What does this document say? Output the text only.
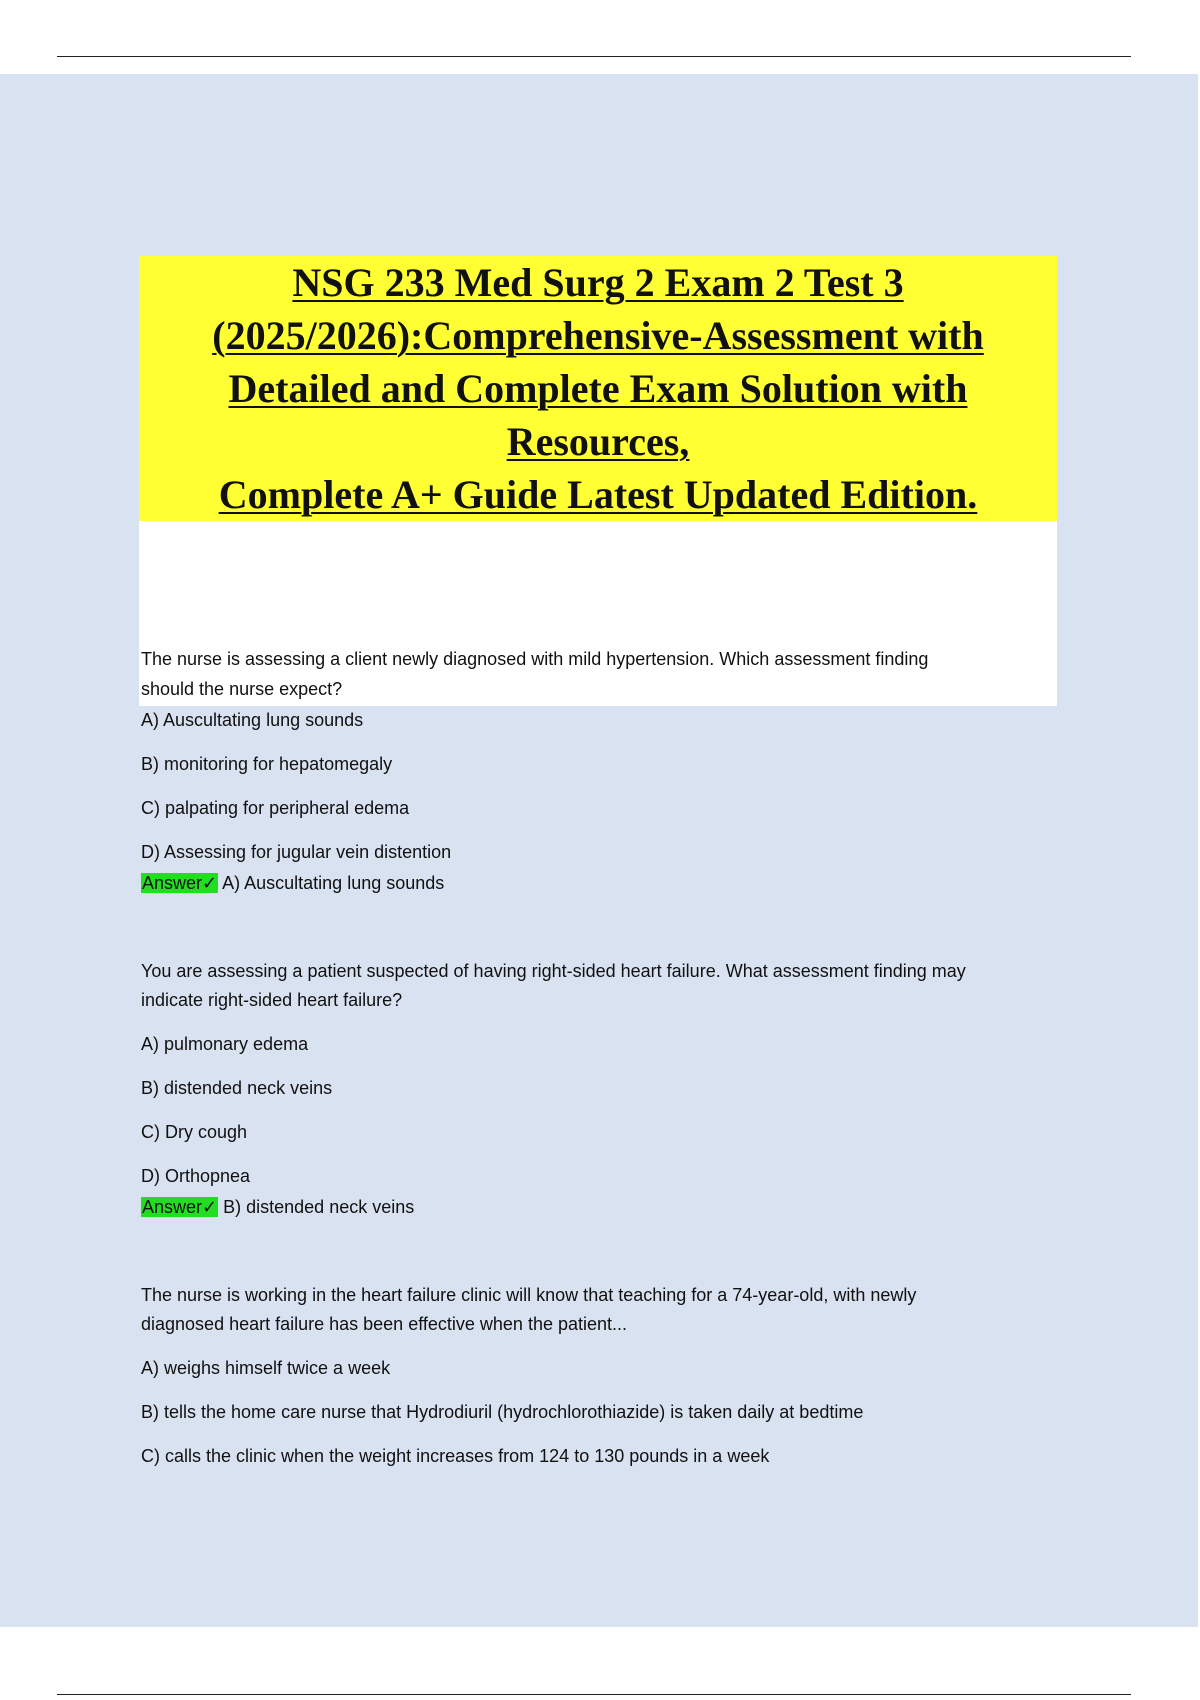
NSG 233 Med Surg 2 Exam 2 Test 3
(2025/2026):Comprehensive-Assessment with
Detailed and Complete Exam Solution with
Resources,
Complete A+ Guide Latest Updated Edition.
The nurse is assessing a client newly diagnosed with mild hypertension. Which assessment finding
should the nurse expect?
A) Auscultating lung sounds
B) monitoring for hepatomegaly
C) palpating for peripheral edema
D) Assessing for jugular vein distention
Answer✓ A) Auscultating lung sounds
You are assessing a patient suspected of having right-sided heart failure. What assessment finding may
indicate right-sided heart failure?
A) pulmonary edema
B) distended neck veins
C) Dry cough
D) Orthopnea
Answer✓ B) distended neck veins
The nurse is working in the heart failure clinic will know that teaching for a 74-year-old, with newly
diagnosed heart failure has been effective when the patient...
A) weighs himself twice a week
B) tells the home care nurse that Hydrodiuril (hydrochlorothiazide) is taken daily at bedtime
C) calls the clinic when the weight increases from 124 to 130 pounds in a week
